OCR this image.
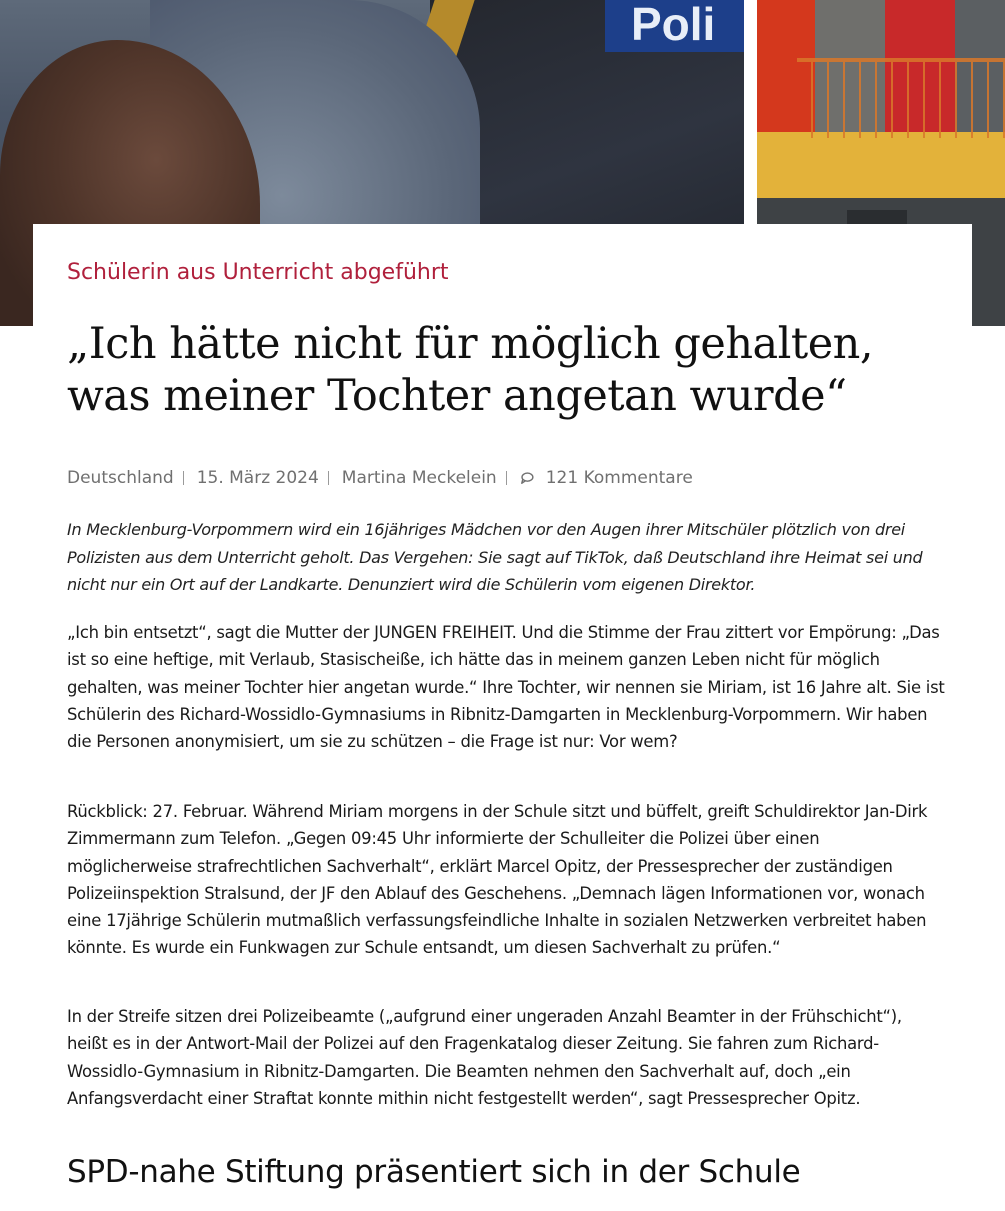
Poli
Schülerin aus Unterricht abgeführt
„Ich hätte nicht für möglich gehalten, was meiner Tochter angetan wurde“
Deutschland 15. März 2024 Martina Meckelein	121 Kommentare

In Mecklenburg-Vorpommern wird ein 16jähriges Mädchen vor den Augen ihrer Mitschüler plötzlich von drei Polizisten aus dem Unterricht geholt. Das Vergehen: Sie sagt auf TikTok, daß Deutschland ihre Heimat sei und nicht nur ein Ort auf der Landkarte. Denunziert wird die Schülerin vom eigenen Direktor.

„Ich bin entsetzt“, sagt die Mutter der JUNGEN FREIHEIT. Und die Stimme der Frau zittert vor Empörung: „Das ist so eine heftige, mit Verlaub, Stasischeiße, ich hätte das in meinem ganzen Leben nicht für möglich gehalten, was meiner Tochter hier angetan wurde.“ Ihre Tochter, wir nennen sie Miriam, ist 16 Jahre alt. Sie ist Schülerin des Richard-Wossidlo-Gymnasiums in Ribnitz-Damgarten in Mecklenburg-Vorpommern. Wir haben die Personen anonymisiert, um sie zu schützen – die Frage ist nur: Vor wem?

Rückblick: 27. Februar. Während Miriam morgens in der Schule sitzt und büffelt, greift Schuldirektor Jan-Dirk Zimmermann zum Telefon. „Gegen 09:45 Uhr informierte der Schulleiter die Polizei über einen möglicherweise strafrechtlichen Sachverhalt“, erklärt Marcel Opitz, der Pressesprecher der zuständigen Polizeiinspektion Stralsund, der JF den Ablauf des Geschehens. „Demnach lägen Informationen vor, wonach eine 17jährige Schülerin mutmaßlich verfassungsfeindliche Inhalte in sozialen Netzwerken verbreitet haben könnte. Es wurde ein Funkwagen zur Schule entsandt, um diesen Sachverhalt zu prüfen.“

In der Streife sitzen drei Polizeibeamte („aufgrund einer ungeraden Anzahl Beamter in der Frühschicht“), heißt es in der Antwort-Mail der Polizei auf den Fragenkatalog dieser Zeitung. Sie fahren zum Richard-Wossidlo-Gymnasium in Ribnitz-Damgarten. Die Beamten nehmen den Sachverhalt auf, doch „ein Anfangsverdacht einer Straftat konnte mithin nicht festgestellt werden“, sagt Pressesprecher Opitz.

SPD-nahe Stiftung präsentiert sich in der Schule
